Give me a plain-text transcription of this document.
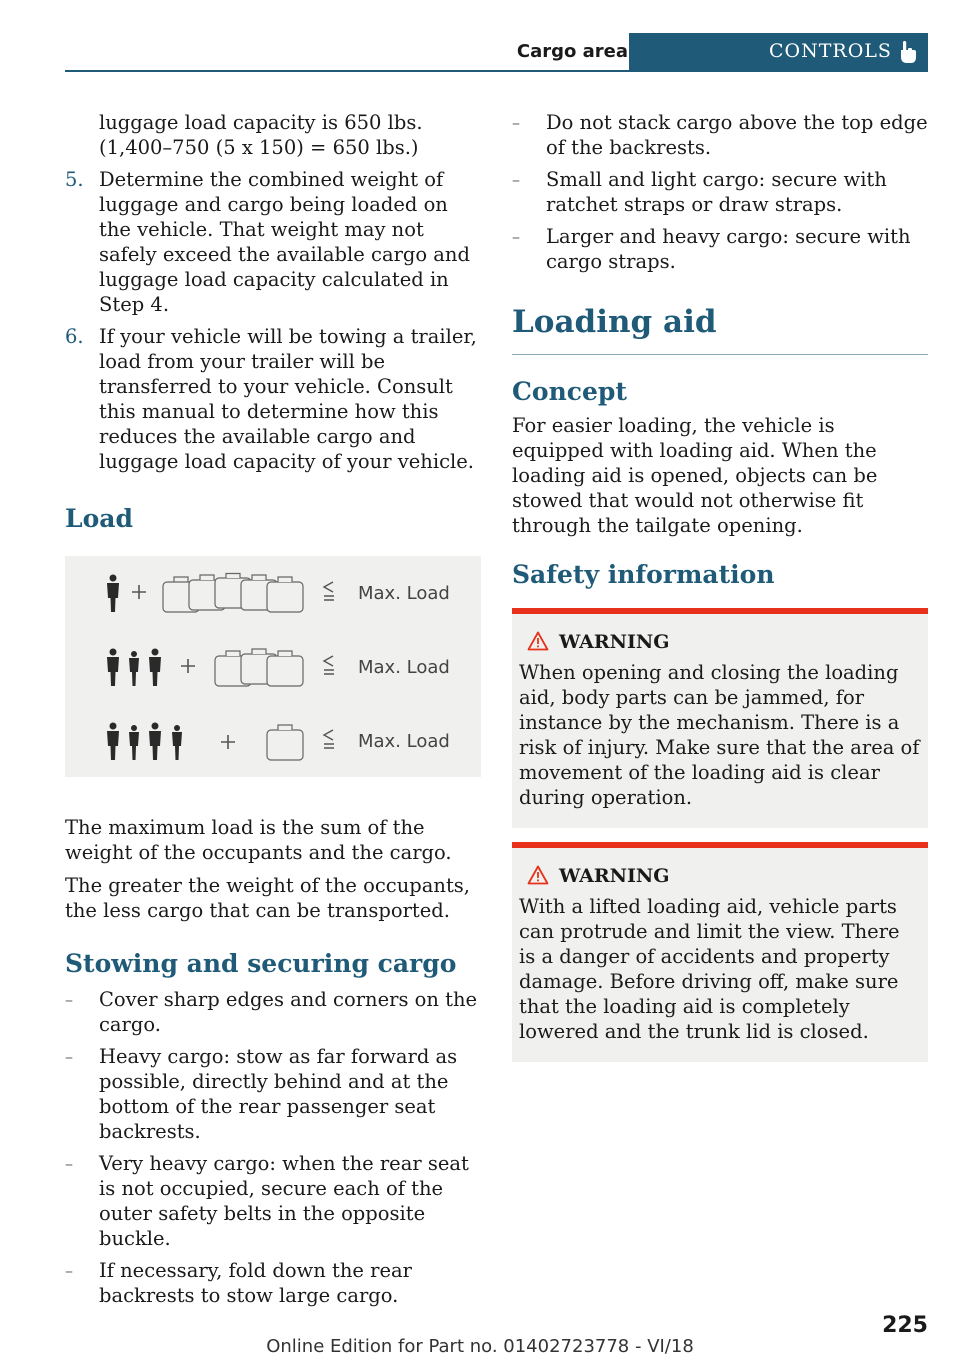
Cargo area	CONTROLS
luggage load capacity is 650 lbs. (1,400–750 (5 x 150) = 650 lbs.)
5. Determine the combined weight of luggage and cargo being loaded on the vehicle. That weight may not safely exceed the available cargo and luggage load capacity calculated in Step 4.
6. If your vehicle will be towing a trailer, load from your trailer will be transferred to your vehicle. Consult this manual to determine how this reduces the available cargo and luggage load capacity of your vehicle.
Load
Max. Load
Max. Load
Max. Load

The maximum load is the sum of the weight of the occupants and the cargo.

The greater the weight of the occupants, the less cargo that can be transported.

Stowing and securing cargo
– Cover sharp edges and corners on the cargo.
– Heavy cargo: stow as far forward as possible, directly behind and at the bottom of the rear passenger seat backrests.
– Very heavy cargo: when the rear seat is not occupied, secure each of the outer safety belts in the opposite buckle.
– If necessary, fold down the rear backrests to stow large cargo.
– Do not stack cargo above the top edge of the backrests.
– Small and light cargo: secure with ratchet straps or draw straps.
– Larger and heavy cargo: secure with cargo straps.
Loading aid
Concept

For easier loading, the vehicle is equipped with loading aid. When the loading aid is opened, objects can be stowed that would not otherwise fit through the tailgate opening.

Safety information
WARNING
When opening and closing the loading aid, body parts can be jammed, for instance by the mechanism. There is a risk of injury. Make sure that the area of movement of the loading aid is clear during operation.
WARNING
With a lifted loading aid, vehicle parts can protrude and limit the view. There is a danger of accidents and property damage. Before driving off, make sure that the loading aid is completely lowered and the trunk lid is closed.
225
Online Edition for Part no. 01402723778 - VI/18
